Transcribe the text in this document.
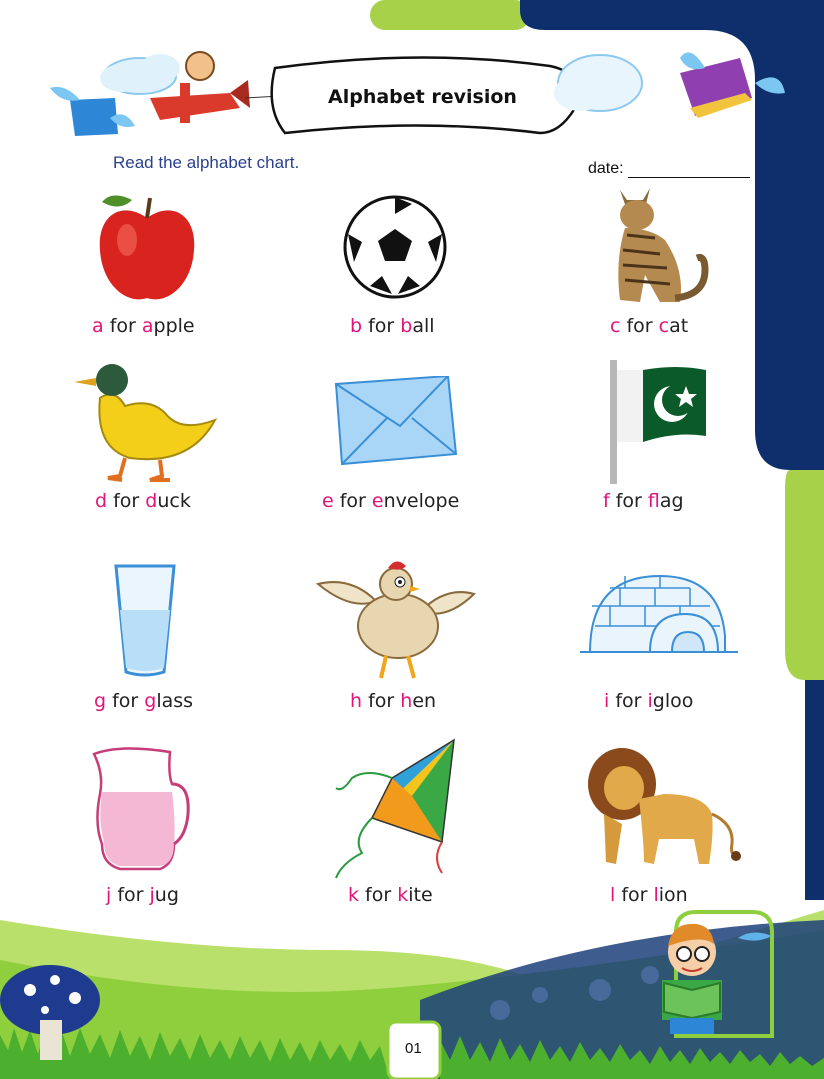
Alphabet revision
Read the alphabet chart.	date:
a for apple	b for ball	c for cat
d for duck	e for envelope	f for flag
g for glass	h for hen	i for igloo
j for jug	k for kite	l for lion
01
